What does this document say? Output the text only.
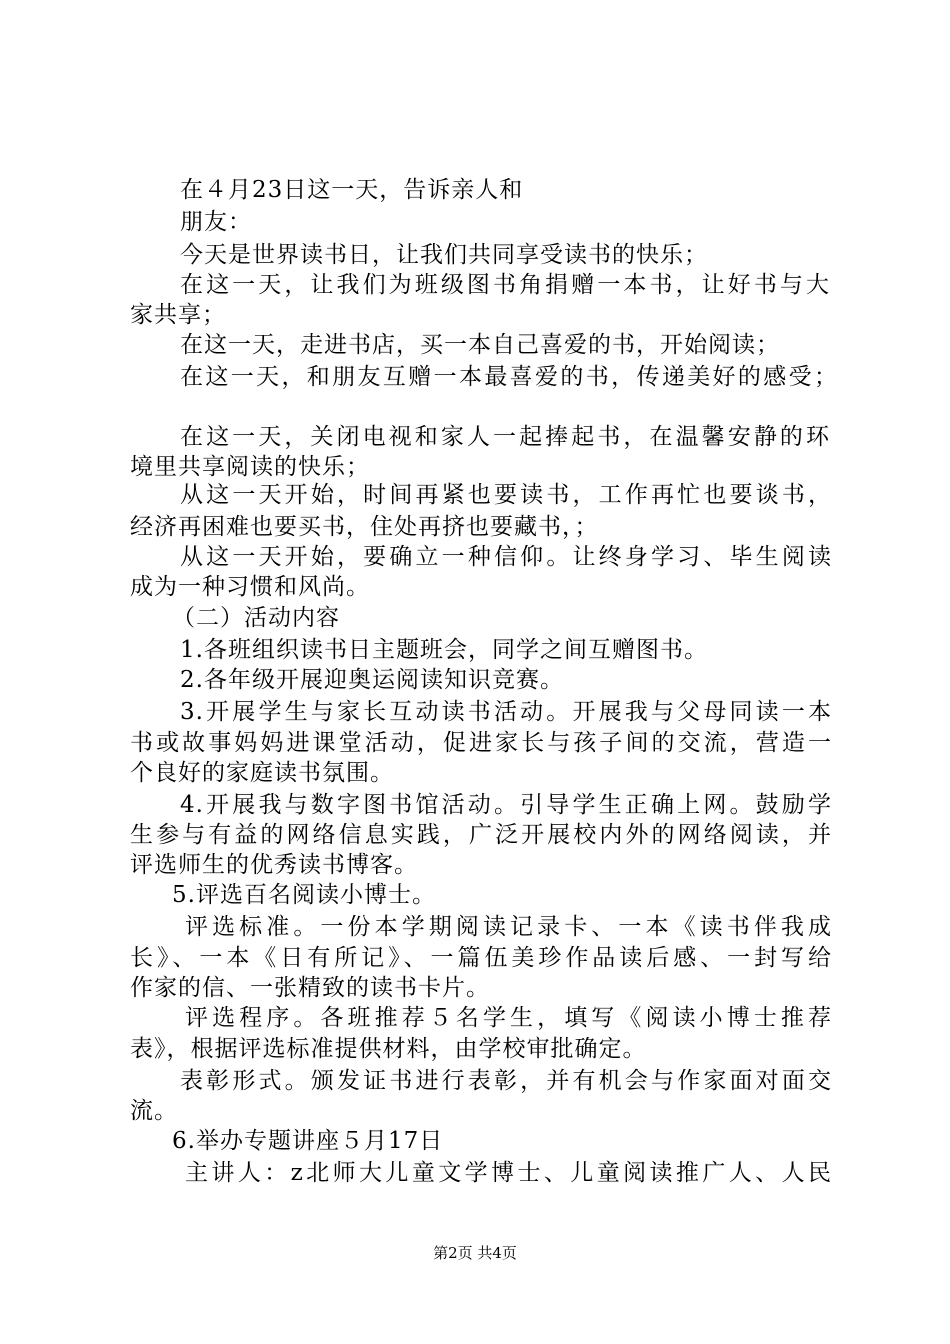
在４月23日这一天，告诉亲人和

朋友：

今天是世界读书日，让我们共同享受读书的快乐；

在这一天，让我们为班级图书角捐赠一本书，让好书与大

家共享；

在这一天，走进书店，买一本自己喜爱的书，开始阅读；

在这一天，和朋友互赠一本最喜爱的书，传递美好的感受；

在这一天，关闭电视和家人一起捧起书，在温馨安静的环

境里共享阅读的快乐；

从这一天开始，时间再紧也要读书，工作再忙也要谈书，

经济再困难也要买书，住处再挤也要藏书，；

从这一天开始，要确立一种信仰。让终身学习、毕生阅读

成为一种习惯和风尚。

（二）活动内容

1.各班组织读书日主题班会，同学之间互赠图书。

2.各年级开展迎奥运阅读知识竞赛。

3.开展学生与家长互动读书活动。开展我与父母同读一本

书或故事妈妈进课堂活动，促进家长与孩子间的交流，营造一

个良好的家庭读书氛围。

4.开展我与数字图书馆活动。引导学生正确上网。鼓励学

生参与有益的网络信息实践，广泛开展校内外的网络阅读，并

评选师生的优秀读书博客。

5.评选百名阅读小博士。

评选标准。一份本学期阅读记录卡、一本《读书伴我成

长》、一本《日有所记》、一篇伍美珍作品读后感、一封写给

作家的信、一张精致的读书卡片。

评选程序。各班推荐５名学生，填写《阅读小博士推荐

表》，根据评选标准提供材料，由学校审批确定。

表彰形式。颁发证书进行表彰，并有机会与作家面对面交

流。

6.举办专题讲座５月17日

主讲人：z北师大儿童文学博士、儿童阅读推广人、人民

第2页 共4页
